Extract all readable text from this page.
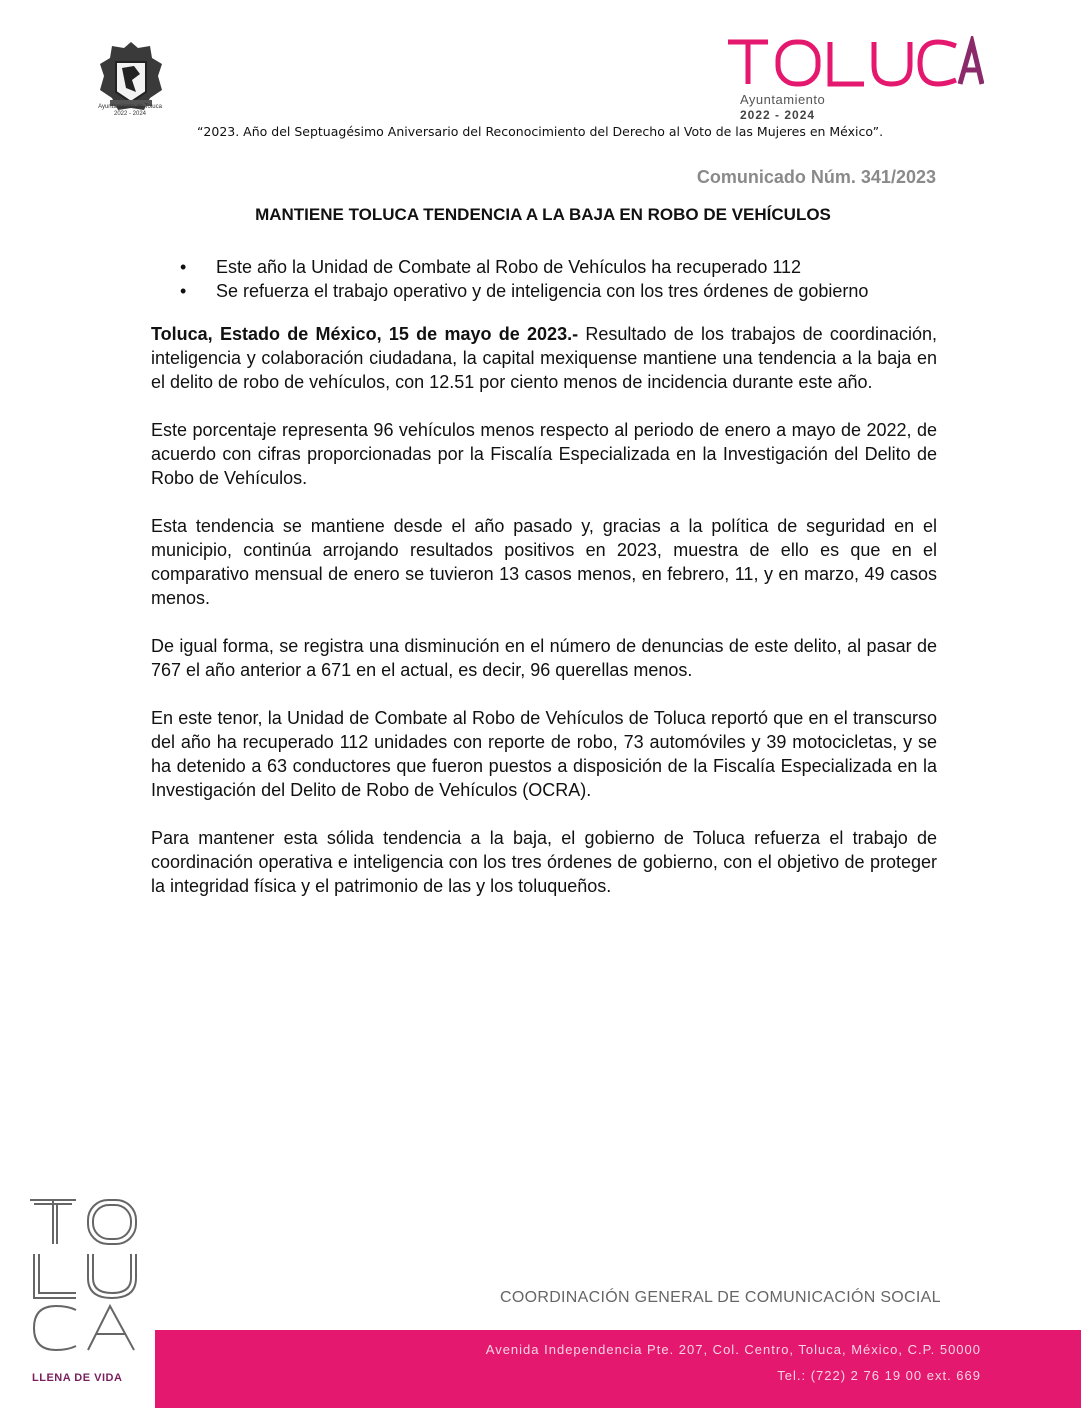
Ayuntamiento de Toluca
2022 - 2024
Ayuntamiento
2022 - 2024
“2023. Año del Septuagésimo Aniversario del Reconocimiento del Derecho al Voto de las Mujeres en México”.
Comunicado Núm. 341/2023
MANTIENE TOLUCA TENDENCIA A LA BAJA EN ROBO DE VEHÍCULOS
•	Este año la Unidad de Combate al Robo de Vehículos ha recuperado 112
•	Se refuerza el trabajo operativo y de inteligencia con los tres órdenes de gobierno

Toluca, Estado de México, 15 de mayo de 2023.- Resultado de los trabajos de coordinación, inteligencia y colaboración ciudadana, la capital mexiquense mantiene una tendencia a la baja en el delito de robo de vehículos, con 12.51 por ciento menos de incidencia durante este año.

Este porcentaje representa 96 vehículos menos respecto al periodo de enero a mayo de 2022, de acuerdo con cifras proporcionadas por la Fiscalía Especializada en la Investigación del Delito de Robo de Vehículos.

Esta tendencia se mantiene desde el año pasado y, gracias a la política de seguridad en el municipio, continúa arrojando resultados positivos en 2023, muestra de ello es que en el comparativo mensual de enero se tuvieron 13 casos menos, en febrero, 11, y en marzo, 49 casos menos.

De igual forma, se registra una disminución en el número de denuncias de este delito, al pasar de 767 el año anterior a 671 en el actual, es decir, 96 querellas menos.

En este tenor, la Unidad de Combate al Robo de Vehículos de Toluca reportó que en el transcurso del año ha recuperado 112 unidades con reporte de robo, 73 automóviles y 39 motocicletas, y se ha detenido a 63 conductores que fueron puestos a disposición de la Fiscalía Especializada en la Investigación del Delito de Robo de Vehículos (OCRA).

Para mantener esta sólida tendencia a la baja, el gobierno de Toluca refuerza el trabajo de coordinación operativa e inteligencia con los tres órdenes de gobierno, con el objetivo de proteger la integridad física y el patrimonio de las y los toluqueños.

LLENA DE VIDA
COORDINACIÓN GENERAL DE COMUNICACIÓN SOCIAL
Avenida Independencia Pte. 207, Col. Centro, Toluca, México, C.P. 50000
Tel.: (722) 2 76 19 00 ext. 669
